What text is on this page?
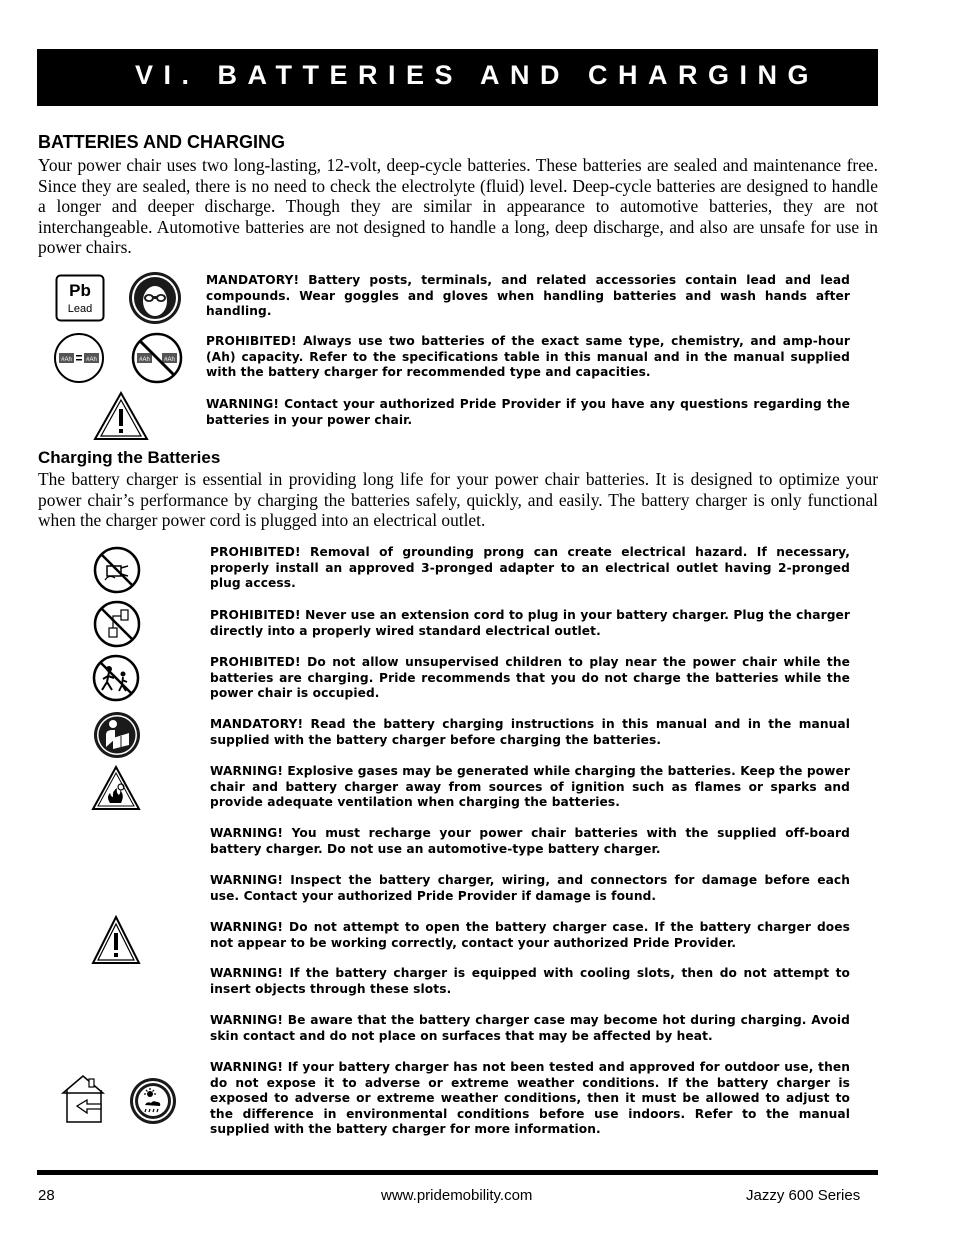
VI. BATTERIES AND CHARGING
BATTERIES AND CHARGING
Your power chair uses two long-lasting, 12-volt, deep-cycle batteries. These batteries are sealed and maintenance free. Since they are sealed, there is no need to check the electrolyte (fluid) level. Deep-cycle batteries are designed to handle a longer and deeper discharge. Though they are similar in appearance to automotive batteries, they are not interchangeable. Automotive batteries are not designed to handle a long, deep discharge, and also are unsafe for use in power chairs.
Pb
Lead
#Ah #Ah	#Ah #Ah
MANDATORY! Battery posts, terminals, and related accessories contain lead and lead compounds. Wear goggles and gloves when handling batteries and wash hands after handling.
PROHIBITED! Always use two batteries of the exact same type, chemistry, and amp-hour (Ah) capacity. Refer to the specifications table in this manual and in the manual supplied with the battery charger for recommended type and capacities.
WARNING! Contact your authorized Pride Provider if you have any questions regarding the batteries in your power chair.
Charging the Batteries
The battery charger is essential in providing long life for your power chair batteries. It is designed to optimize your power chair’s performance by charging the batteries safely, quickly, and easily. The battery charger is only functional when the charger power cord is plugged into an electrical outlet.
PROHIBITED! Removal of grounding prong can create electrical hazard. If necessary, properly install an approved 3-pronged adapter to an electrical outlet having 2-pronged plug access.
PROHIBITED! Never use an extension cord to plug in your battery charger. Plug the charger directly into a properly wired standard electrical outlet.
PROHIBITED! Do not allow unsupervised children to play near the power chair while the batteries are charging. Pride recommends that you do not charge the batteries while the power chair is occupied.
MANDATORY! Read the battery charging instructions in this manual and in the manual supplied with the battery charger before charging the batteries.
WARNING! Explosive gases may be generated while charging the batteries. Keep the power chair and battery charger away from sources of ignition such as flames or sparks and provide adequate ventilation when charging the batteries.
WARNING! You must recharge your power chair batteries with the supplied off-board battery charger. Do not use an automotive-type battery charger.
WARNING! Inspect the battery charger, wiring, and connectors for damage before each use. Contact your authorized Pride Provider if damage is found.
WARNING! Do not attempt to open the battery charger case. If the battery charger does not appear to be working correctly, contact your authorized Pride Provider.
WARNING! If the battery charger is equipped with cooling slots, then do not attempt to insert objects through these slots.
WARNING! Be aware that the battery charger case may become hot during charging. Avoid skin contact and do not place on surfaces that may be affected by heat.
WARNING! If your battery charger has not been tested and approved for outdoor use, then do not expose it to adverse or extreme weather conditions. If the battery charger is exposed to adverse or extreme weather conditions, then it must be allowed to adjust to the difference in environmental conditions before use indoors. Refer to the manual supplied with the battery charger for more information.
28	www.pridemobility.com	Jazzy 600 Series
